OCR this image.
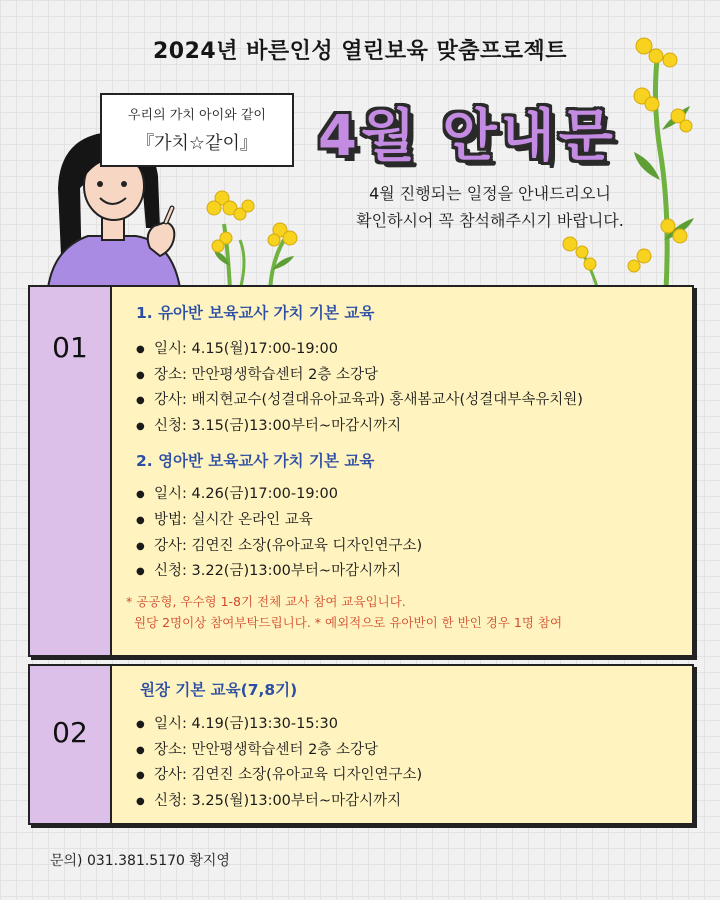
2024년 바른인성 열린보육 맞춤프로젝트
우리의 가치 아이와 같이
『가치☆같이』	4월 안내문
4월 진행되는 일정을 안내드리오니
확인하시어 꼭 참석해주시기 바랍니다.
01
1. 유아반 보육교사 가치 기본 교육
● 일시: 4.15(월)17:00-19:00
● 장소: 만안평생학습센터 2층 소강당
● 강사: 배지현교수(성결대유아교육과) 홍새봄교사(성결대부속유치원)
● 신청: 3.15(금)13:00부터~마감시까지
2. 영아반 보육교사 가치 기본 교육
● 일시: 4.26(금)17:00-19:00
● 방법: 실시간 온라인 교육
● 강사: 김연진 소장(유아교육 디자인연구소)
● 신청: 3.22(금)13:00부터~마감시까지
* 공공형, 우수형 1-8기 전체 교사 참여 교육입니다.
원당 2명이상 참여부탁드립니다. * 예외적으로 유아반이 한 반인 경우 1명 참여
02
원장 기본 교육(7,8기)
● 일시: 4.19(금)13:30-15:30
● 장소: 만안평생학습센터 2층 소강당
● 강사: 김연진 소장(유아교육 디자인연구소)
● 신청: 3.25(월)13:00부터~마감시까지
문의) 031.381.5170 황지영
